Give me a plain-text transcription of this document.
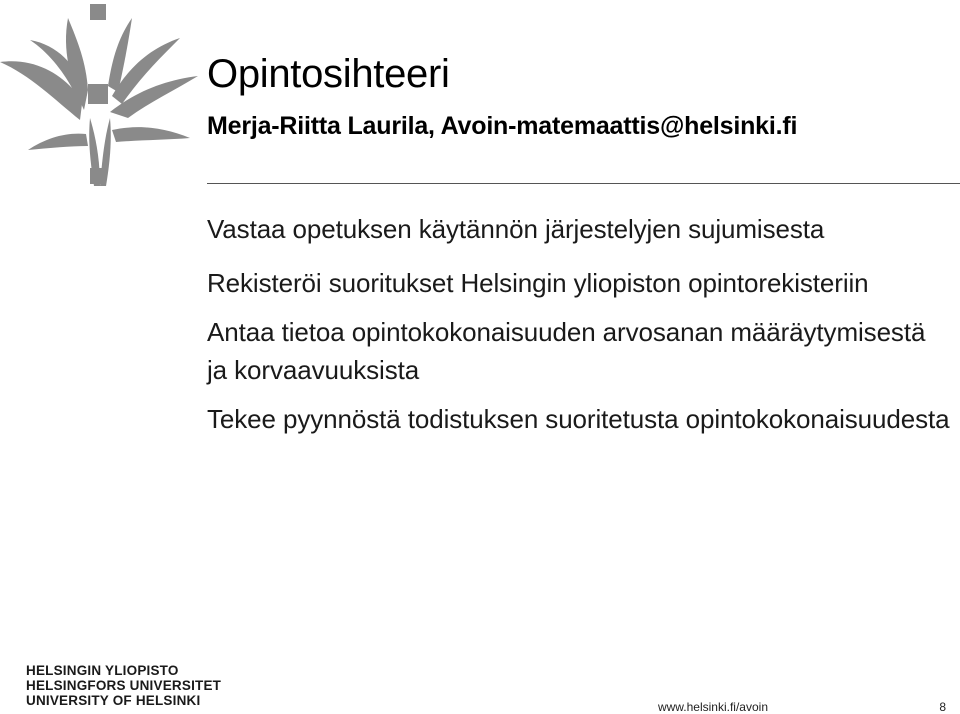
Opintosihteeri

Merja-Riitta Laurila, Avoin-matemaattis@helsinki.fi

Vastaa opetuksen käytännön järjestelyjen sujumisesta

Rekisteröi suoritukset Helsingin yliopiston opintorekisteriin

Antaa tietoa opintokokonaisuuden arvosanan määräytymisestä ja korvaavuuksista

Tekee pyynnöstä todistuksen suoritetusta opintokokonaisuudesta

HELSINGIN YLIOPISTO
HELSINGFORS UNIVERSITET
UNIVERSITY OF HELSINKI	www.helsinki.fi/avoin	8
